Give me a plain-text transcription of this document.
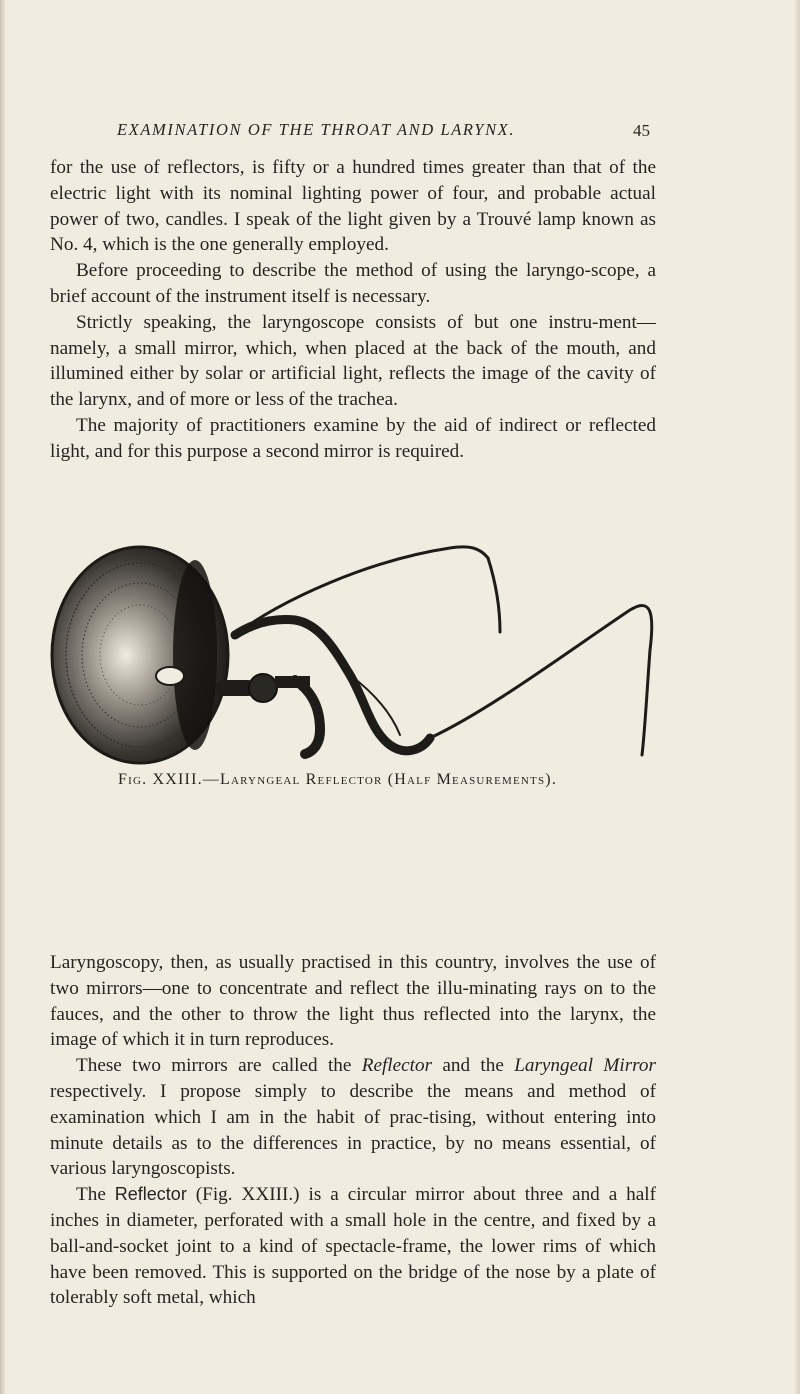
EXAMINATION OF THE THROAT AND LARYNX.	45

for the use of reflectors, is fifty or a hundred times greater than that of the electric light with its nominal lighting power of four, and probable actual power of two, candles. I speak of the light given by a Trouvé lamp known as No. 4, which is the one generally employed.

Before proceeding to describe the method of using the laryngo-scope, a brief account of the instrument itself is necessary.

Strictly speaking, the laryngoscope consists of but one instru-ment—namely, a small mirror, which, when placed at the back of the mouth, and illumined either by solar or artificial light, reflects the image of the cavity of the larynx, and of more or less of the trachea.

The majority of practitioners examine by the aid of indirect or reflected light, and for this purpose a second mirror is required.

Fig. XXIII.—Laryngeal Reflector (Half Measurements).

Laryngoscopy, then, as usually practised in this country, involves the use of two mirrors—one to concentrate and reflect the illu-minating rays on to the fauces, and the other to throw the light thus reflected into the larynx, the image of which it in turn reproduces.

These two mirrors are called the Reflector and the Laryngeal Mirror respectively. I propose simply to describe the means and method of examination which I am in the habit of prac-tising, without entering into minute details as to the differences in practice, by no means essential, of various laryngoscopists.

The Reflector (Fig. XXIII.) is a circular mirror about three and a half inches in diameter, perforated with a small hole in the centre, and fixed by a ball-and-socket joint to a kind of spectacle-frame, the lower rims of which have been removed. This is supported on the bridge of the nose by a plate of tolerably soft metal, which
